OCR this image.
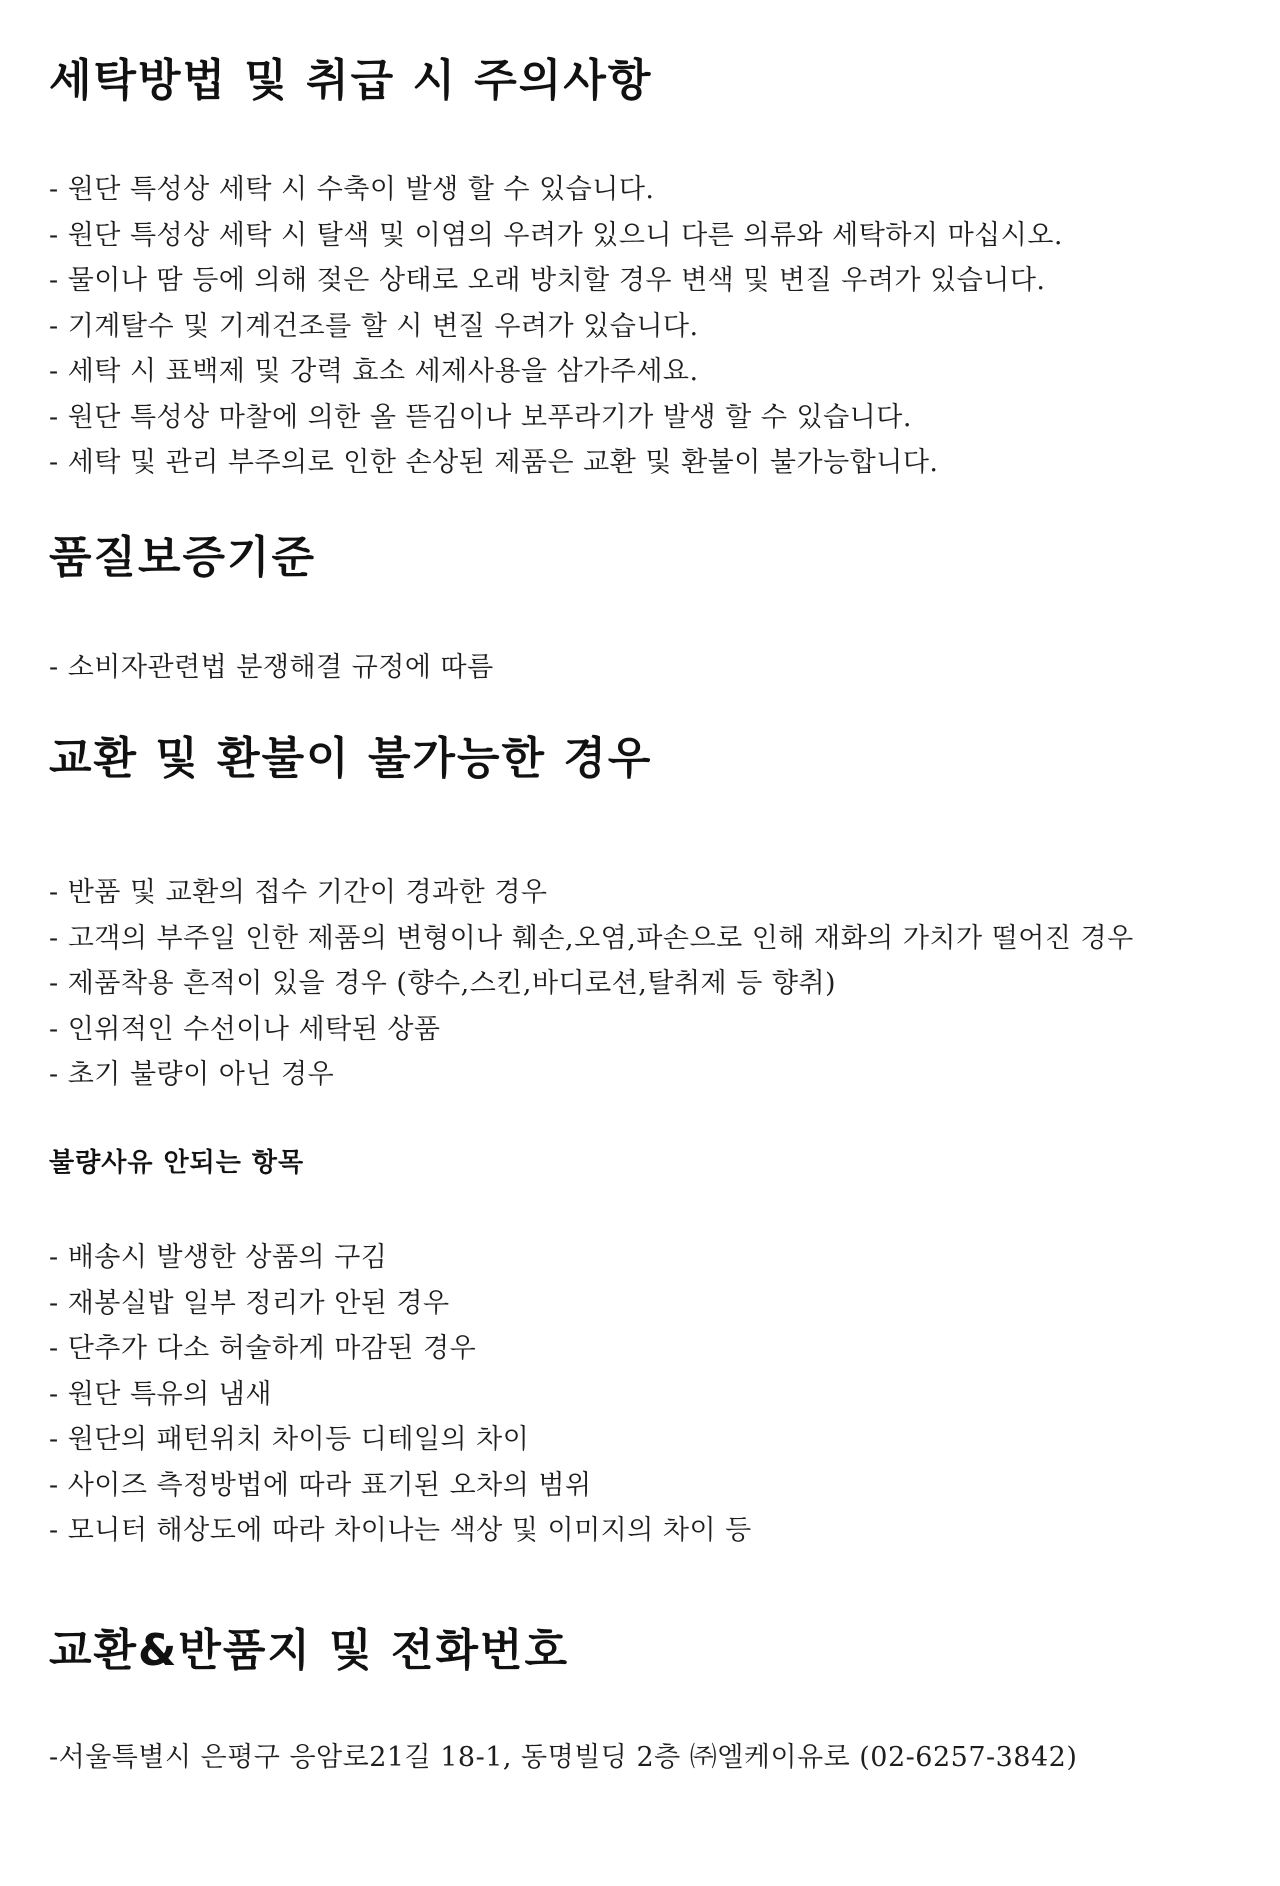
세탁방법 및 취급 시 주의사항
- 원단 특성상 세탁 시 수축이 발생 할 수 있습니다.
- 원단 특성상 세탁 시 탈색 및 이염의 우려가 있으니 다른 의류와 세탁하지 마십시오.
- 물이나 땀 등에 의해 젖은 상태로 오래 방치할 경우 변색 및 변질 우려가 있습니다.
- 기계탈수 및 기계건조를 할 시 변질 우려가 있습니다.
- 세탁 시 표백제 및 강력 효소 세제사용을 삼가주세요.
- 원단 특성상 마찰에 의한 올 뜯김이나 보푸라기가 발생 할 수 있습니다.
- 세탁 및 관리 부주의로 인한 손상된 제품은 교환 및 환불이 불가능합니다.
품질보증기준
- 소비자관련법 분쟁해결 규정에 따름
교환 및 환불이 불가능한 경우
- 반품 및 교환의 접수 기간이 경과한 경우
- 고객의 부주일 인한 제품의 변형이나 훼손,오염,파손으로 인해 재화의 가치가 떨어진 경우
- 제품착용 흔적이 있을 경우 (향수,스킨,바디로션,탈취제 등 향취)
- 인위적인 수선이나 세탁된 상품
- 초기 불량이 아닌 경우
불량사유 안되는 항목
- 배송시 발생한 상품의 구김
- 재봉실밥 일부 정리가 안된 경우
- 단추가 다소 허술하게 마감된 경우
- 원단 특유의 냄새
- 원단의 패턴위치 차이등 디테일의 차이
- 사이즈 측정방법에 따라 표기된 오차의 범위
- 모니터 해상도에 따라 차이나는 색상 및 이미지의 차이 등
교환&반품지 및 전화번호
-서울특별시 은평구 응암로21길 18-1, 동명빌딩 2층 ㈜엘케이유로 (02-6257-3842)
